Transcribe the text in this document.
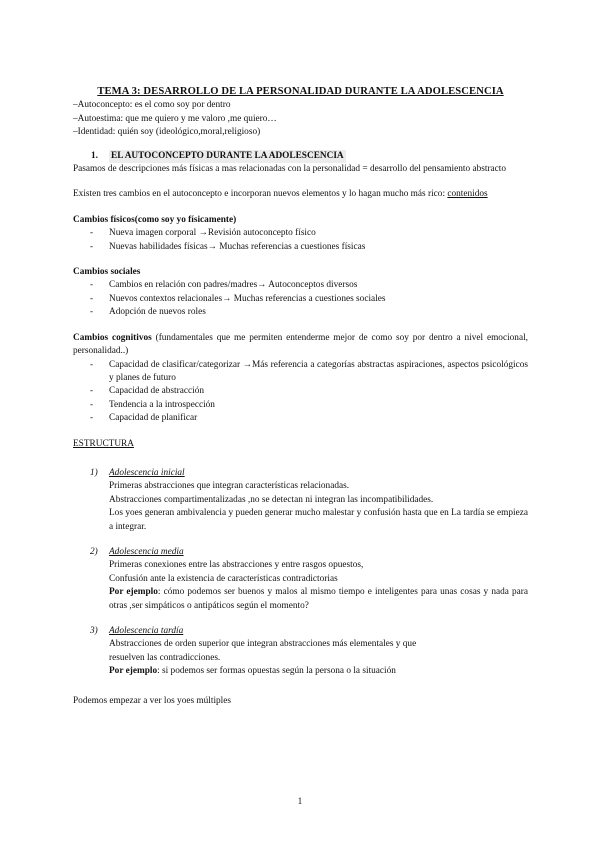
TEMA 3: DESARROLLO DE LA PERSONALIDAD DURANTE LA ADOLESCENCIA

–Autoconcepto: es el como soy por dentro

–Autoestima: que me quiero y me valoro ,me quiero…

–Identidad: quién soy (ideológico,moral,religioso)

1. EL AUTOCONCEPTO DURANTE LA ADOLESCENCIA

Pasamos de descripciones más físicas a mas relacionadas con la personalidad = desarrollo del pensamiento abstracto

Existen tres cambios en el autoconcepto e incorporan nuevos elementos y lo hagan mucho más rico: contenidos

Cambios físicos(como soy yo físicamente)

- Nueva imagen corporal →Revisión autoconcepto físico
- Nuevas habilidades físicas→ Muchas referencias a cuestiones físicas

Cambios sociales

- Cambios en relación con padres/madres→ Autoconceptos diversos
- Nuevos contextos relacionales→ Muchas referencias a cuestiones sociales
- Adopción de nuevos roles

Cambios cognitivos (fundamentales que me permiten entenderme mejor de como soy por dentro a nivel emocional, personalidad..)

- Capacidad de clasificar/categorizar →Más referencia a categorías abstractas aspiraciones, aspectos psicológicos y planes de futuro
- Capacidad de abstracción
- Tendencia a la introspección
- Capacidad de planificar

ESTRUCTURA

1) Adolescencia inicial

Primeras abstracciones que integran características relacionadas.

Abstracciones compartimentalizadas ,no se detectan ni integran las incompatibilidades.

Los yoes generan ambivalencia y pueden generar mucho malestar y confusión hasta que en La tardía se empieza a integrar.

2) Adolescencia media

Primeras conexiones entre las abstracciones y entre rasgos opuestos,

Confusión ante la existencia de características contradictorias

Por ejemplo: cómo podemos ser buenos y malos al mismo tiempo e inteligentes para unas cosas y nada para otras ,ser simpáticos o antipáticos según el momento?

3) Adolescencia tardía

Abstracciones de orden superior que integran abstracciones más elementales y que

resuelven las contradicciones.

Por ejemplo: si podemos ser formas opuestas según la persona o la situación

Podemos empezar a ver los yoes múltiples

1
